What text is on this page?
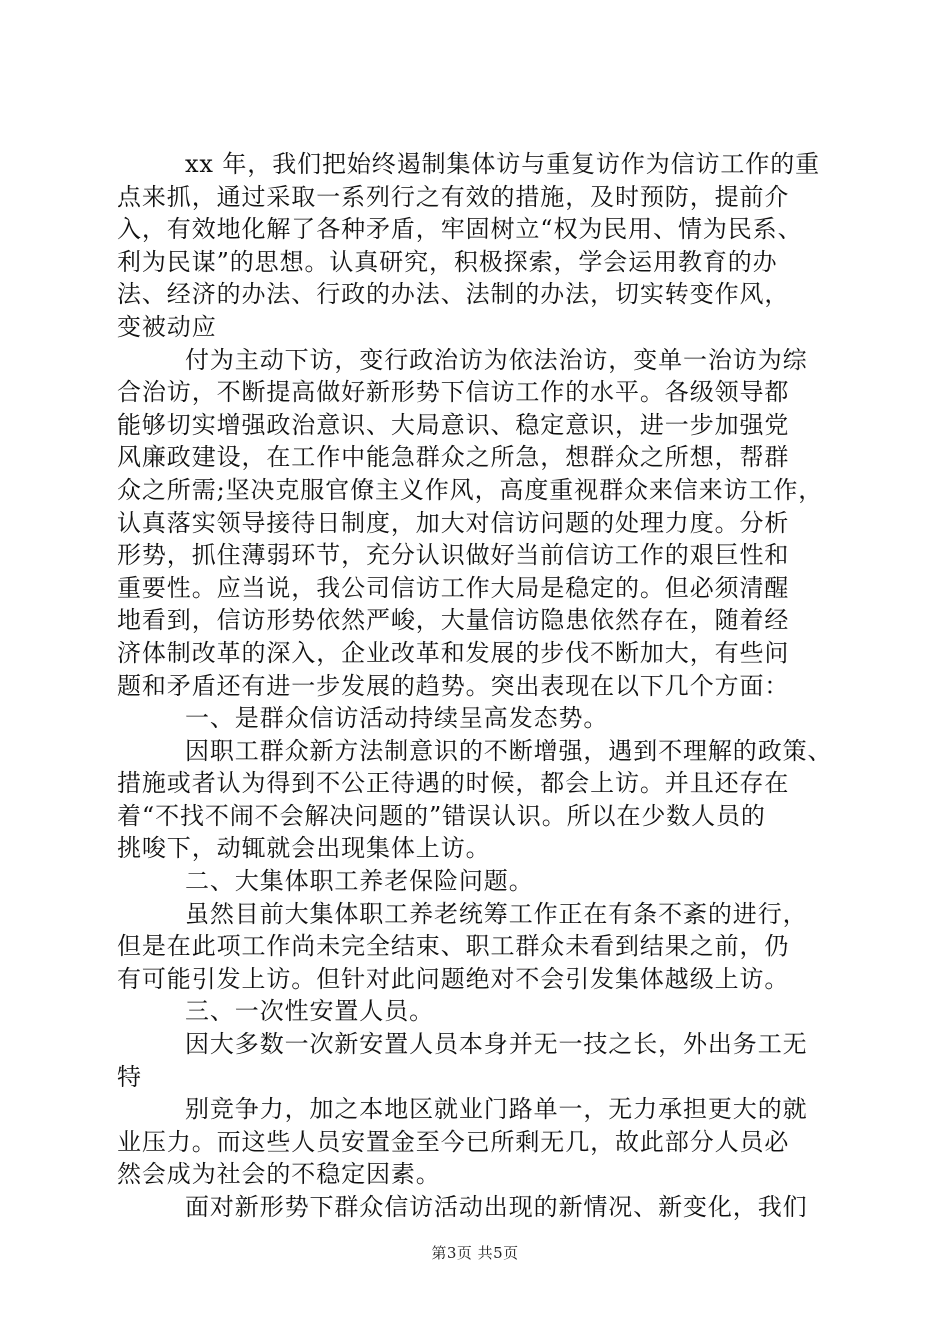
xx 年，我们把始终遏制集体访与重复访作为信访工作的重
点来抓，通过采取一系列行之有效的措施，及时预防，提前介
入，有效地化解了各种矛盾，牢固树立“权为民用、情为民系、
利为民谋”的思想。认真研究，积极探索，学会运用教育的办
法、经济的办法、行政的办法、法制的办法，切实转变作风，
变被动应
付为主动下访，变行政治访为依法治访，变单一治访为综
合治访，不断提高做好新形势下信访工作的水平。各级领导都
能够切实增强政治意识、大局意识、稳定意识，进一步加强党
风廉政建设，在工作中能急群众之所急，想群众之所想，帮群
众之所需;坚决克服官僚主义作风，高度重视群众来信来访工作，
认真落实领导接待日制度，加大对信访问题的处理力度。分析
形势，抓住薄弱环节，充分认识做好当前信访工作的艰巨性和
重要性。应当说，我公司信访工作大局是稳定的。但必须清醒
地看到，信访形势依然严峻，大量信访隐患依然存在，随着经
济体制改革的深入，企业改革和发展的步伐不断加大，有些问
题和矛盾还有进一步发展的趋势。突出表现在以下几个方面：
一、是群众信访活动持续呈高发态势。
因职工群众新方法制意识的不断增强，遇到不理解的政策、
措施或者认为得到不公正待遇的时候，都会上访。并且还存在
着“不找不闹不会解决问题的”错误认识。所以在少数人员的
挑唆下，动辄就会出现集体上访。
二、大集体职工养老保险问题。
虽然目前大集体职工养老统筹工作正在有条不紊的进行，
但是在此项工作尚未完全结束、职工群众未看到结果之前，仍
有可能引发上访。但针对此问题绝对不会引发集体越级上访。
三、一次性安置人员。
因大多数一次新安置人员本身并无一技之长，外出务工无
特
别竞争力，加之本地区就业门路单一，无力承担更大的就
业压力。而这些人员安置金至今已所剩无几，故此部分人员必
然会成为社会的不稳定因素。
面对新形势下群众信访活动出现的新情况、新变化，我们
第3页 共5页
